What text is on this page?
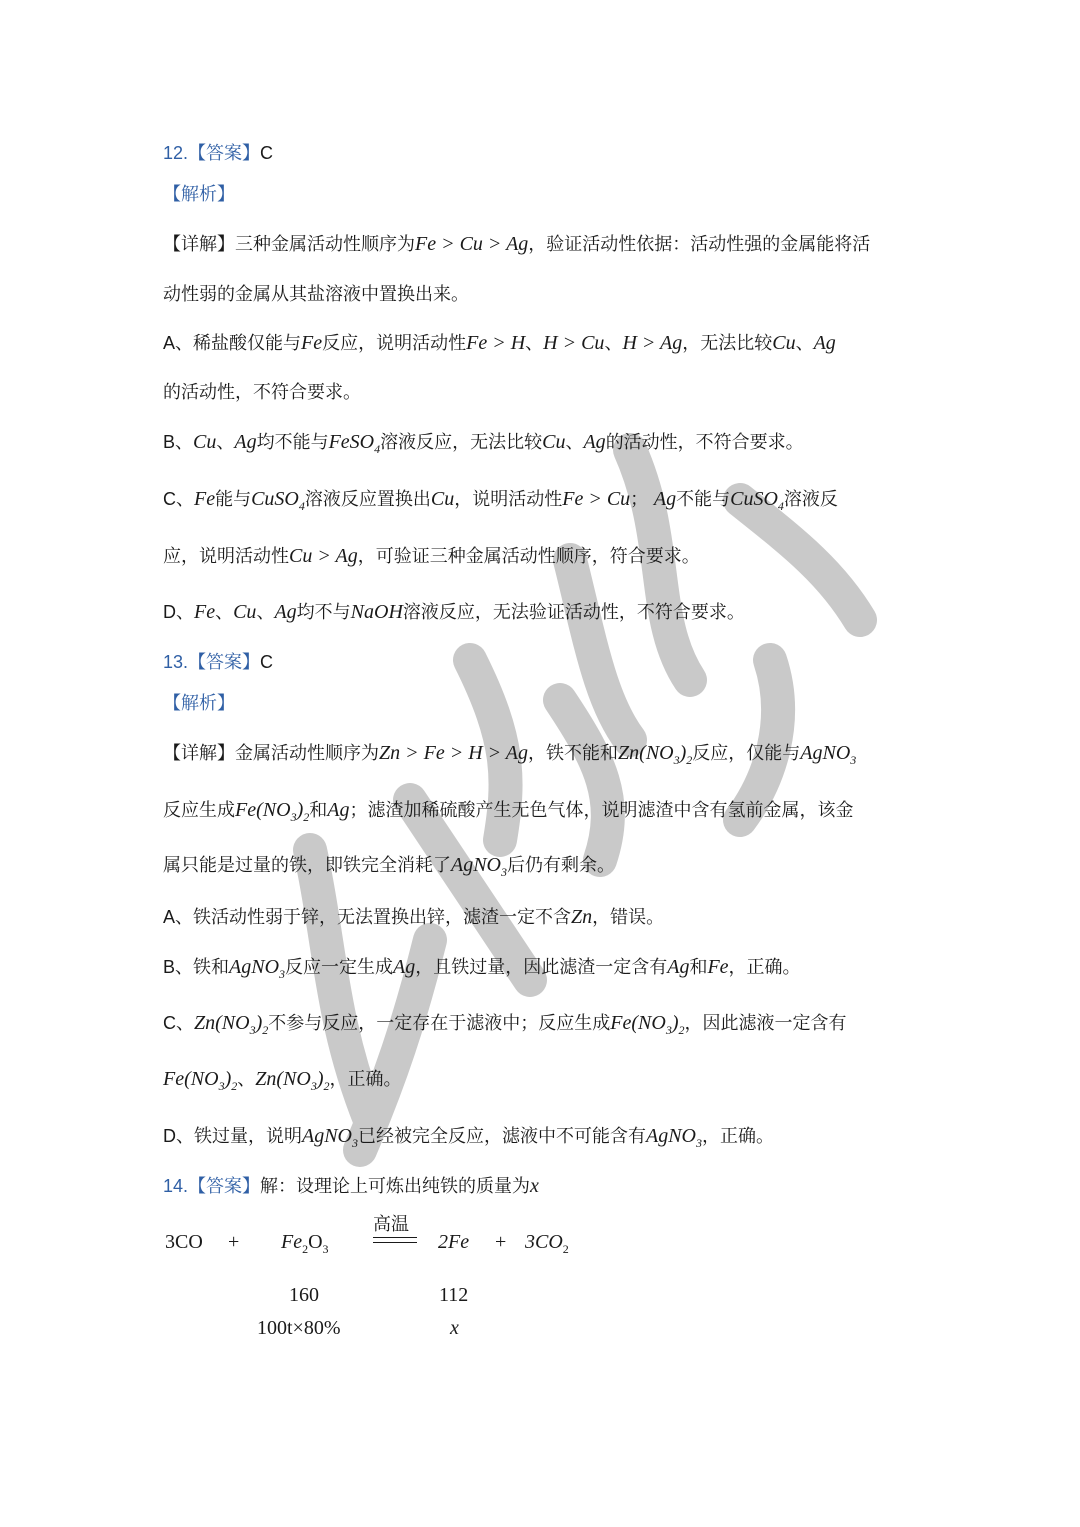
12.【答案】C
【解析】
【详解】三种金属活动性顺序为Fe > Cu > Ag，验证活动性依据：活动性强的金属能将活
动性弱的金属从其盐溶液中置换出来。
A、稀盐酸仅能与Fe反应，说明活动性Fe > H、H > Cu、H > Ag，无法比较Cu、Ag
的活动性，不符合要求。
B、Cu、Ag均不能与FeSO$_4$溶液反应，无法比较Cu、Ag的活动性，不符合要求。
C、Fe能与CuSO$_4$溶液反应置换出Cu，说明活动性Fe > Cu； Ag不能与CuSO$_4$溶液反
应，说明活动性Cu > Ag，可验证三种金属活动性顺序，符合要求。
D、Fe、Cu、Ag均不与NaOH溶液反应，无法验证活动性，不符合要求。
13.【答案】C
【解析】
【详解】金属活动性顺序为Zn > Fe > H > Ag，铁不能和$Zn(NO_3)_2$反应，仅能与AgNO$_3$
反应生成$Fe(NO_3)_2$和Ag；滤渣加稀硫酸产生无色气体，说明滤渣中含有氢前金属，该金
属只能是过量的铁，即铁完全消耗了AgNO$_3$后仍有剩余。
A、铁活动性弱于锌，无法置换出锌，滤渣一定不含Zn，错误。
B、铁和AgNO$_3$反应一定生成Ag，且铁过量，因此滤渣一定含有Ag和Fe，正确。
C、$Zn(NO_3)_2$不参与反应，一定存在于滤液中；反应生成$Fe(NO_3)_2$，因此滤液一定含有
$Fe(NO_3)_2$、$Zn(NO_3)_2$，正确。
D、铁过量，说明AgNO$_3$已经被完全反应，滤液中不可能含有AgNO$_3$，正确。
14.【答案】解：设理论上可炼出纯铁的质量为x
$3CO + Fe_2O_3$
高温
$2Fe + 3CO_2$
160	112
100t×80%	x
